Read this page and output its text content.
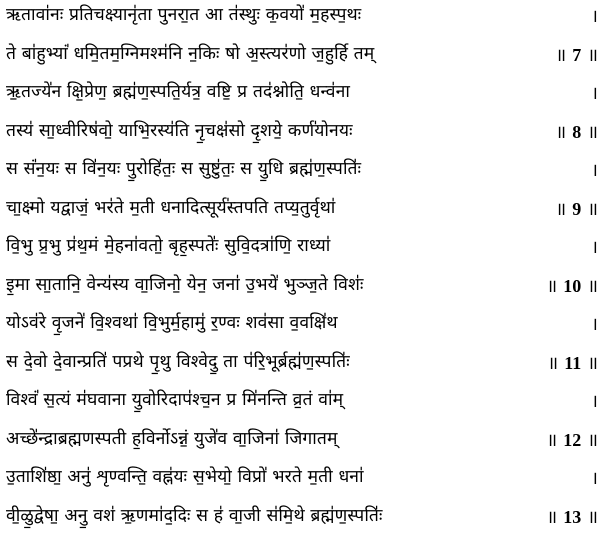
ऋतावा॑नः प्रतिचक्ष्यानृ॑ता पुनरा॒त आ त॑स्थुः क॒वयो॑ म॒हस्प॒थः	।
ते बा॑हुभ्यां॑ धमि॒तम॒ग्निमश्म॑नि न॒किः षो अ॒स्त्यर॑णो ज॒हुर्हि तम्	॥ 7 ॥
ऋ॒तज्ये॑न क्षि॒प्रेण॒ ब्रह्म॑ण॒स्पति॒र्यत्र॒ वष्टि॒ प्र तद॑श्नोति॒ धन्व॑ना	।
तस्य॑ सा॒ध्वीरिष॑वो॒ याभि॒रस्य॑ति नृ॒चक्ष॑सो दृ॒शये॒ कर्ण॑योनयः	॥ 8 ॥
स सं॑न॒यः स वि॑न॒यः पु॒रोहि॑तः॒ स सुष्टु॑तः॒ स यु॒धि ब्रह्म॑ण॒स्पतिः॑	।
चा॒क्ष्मो यद्वाजं॒ भर॑ते म॒ती धनादित्सूर्य॑स्तपति तप्य॒तुर्वृथा॑	॥ 9 ॥
वि॒भु प्र॒भु प्र॑थ॒मं मे॒हना॑वतो॒ बृह॒स्पतेः॑ सुवि॒दत्रा॑णि॒ राध्या॑	।
इ॒मा सा॒तानि॒ वेन्य॑स्य वा॒जिनो॒ येन॒ जना॑ उ॒भये॑ भुञ्ज॒ते विशः॑	॥ 10 ॥
योऽव॑रे वृ॒जने॑ वि॒श्वथा॑ वि॒भुर्म॒हामु॑ र॒ण्वः शव॑सा व॒वक्षि॑थ	।
स दे॒वो दे॒वान्प्रति॑ पप्रथे पृ॒थु विश्वेदु॒ ता प॑रि॒भूर्ब्रह्म॑ण॒स्पतिः॑	॥ 11 ॥
विश्वं॑ स॒त्यं म॑घवाना यु॒वोरिदाप॑श्च॒न प्र मि॑नन्ति व्र॒तं वा॑म्	।
अच्छे॑न्द्राब्रह्मणस्पती ह॒विर्नोऽन्नं॒ युजे॑व वा॒जिना॑ जिगातम्	॥ 12 ॥
उ॒ताशि॑ष्ठा॒ अनु॑ शृण्वन्ति॒ वह्न॑यः स॒भेयो॒ विप्रो॑ भरते म॒ती धना॑	।
वी॒ळु॒द्वेषा॒ अनु॒ वश॑ ऋ॒णमा॑द॒दिः स ह॑ वा॒जी स॑मि॒थे ब्रह्म॑ण॒स्पतिः॑	॥ 13 ॥
